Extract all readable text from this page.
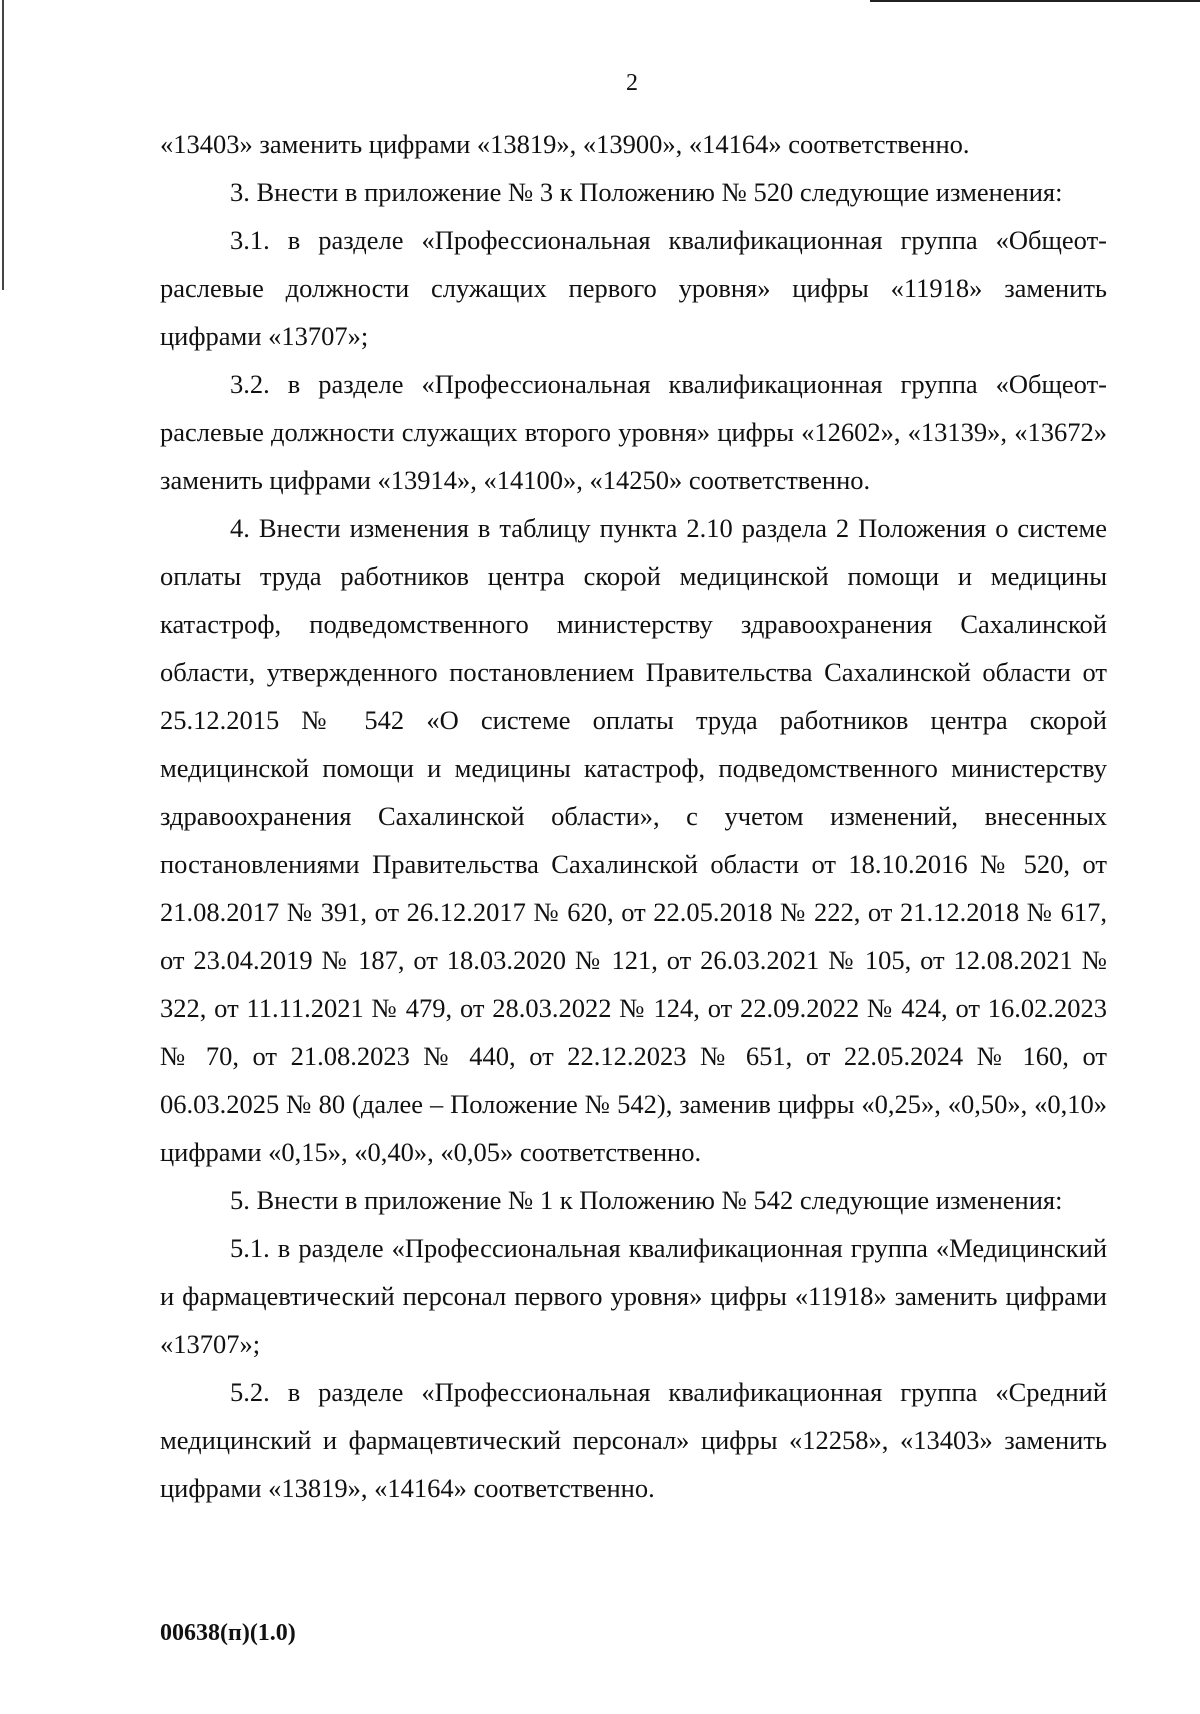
2

«13403» заменить цифрами «13819», «13900», «14164» соответственно.

3. Внести в приложение № 3 к Положению № 520 следующие изменения:

3.1. в разделе «Профессиональная квалификационная группа «Общеотраслевые должности служащих первого уровня» цифры «11918» заменить цифрами «13707»;

3.2. в разделе «Профессиональная квалификационная группа «Общеотраслевые должности служащих второго уровня» цифры «12602», «13139», «13672» заменить цифрами «13914», «14100», «14250» соответственно.

4. Внести изменения в таблицу пункта 2.10 раздела 2 Положения о системе оплаты труда работников центра скорой медицинской помощи и медицины катастроф, подведомственного министерству здравоохранения Сахалинской области, утвержденного постановлением Правительства Сахалинской области от 25.12.2015 № 542 «О системе оплаты труда работников центра скорой медицинской помощи и медицины катастроф, подведомственного министерству здравоохранения Сахалинской области», с учетом изменений, внесенных постановлениями Правительства Сахалинской области от 18.10.2016 № 520, от 21.08.2017 № 391, от 26.12.2017 № 620, от 22.05.2018 № 222, от 21.12.2018 № 617, от 23.04.2019 № 187, от 18.03.2020 № 121, от 26.03.2021 № 105, от 12.08.2021 № 322, от 11.11.2021 № 479, от 28.03.2022 № 124, от 22.09.2022 № 424, от 16.02.2023 № 70, от 21.08.2023 № 440, от 22.12.2023 № 651, от 22.05.2024 № 160, от 06.03.2025 № 80 (далее – Положение № 542), заменив цифры «0,25», «0,50», «0,10» цифрами «0,15», «0,40», «0,05» соответственно.

5. Внести в приложение № 1 к Положению № 542 следующие изменения:

5.1. в разделе «Профессиональная квалификационная группа «Медицинский и фармацевтический персонал первого уровня» цифры «11918» заменить цифрами «13707»;

5.2. в разделе «Профессиональная квалификационная группа «Средний медицинский и фармацевтический персонал» цифры «12258», «13403» заменить цифрами «13819», «14164» соответственно.

00638(п)(1.0)
